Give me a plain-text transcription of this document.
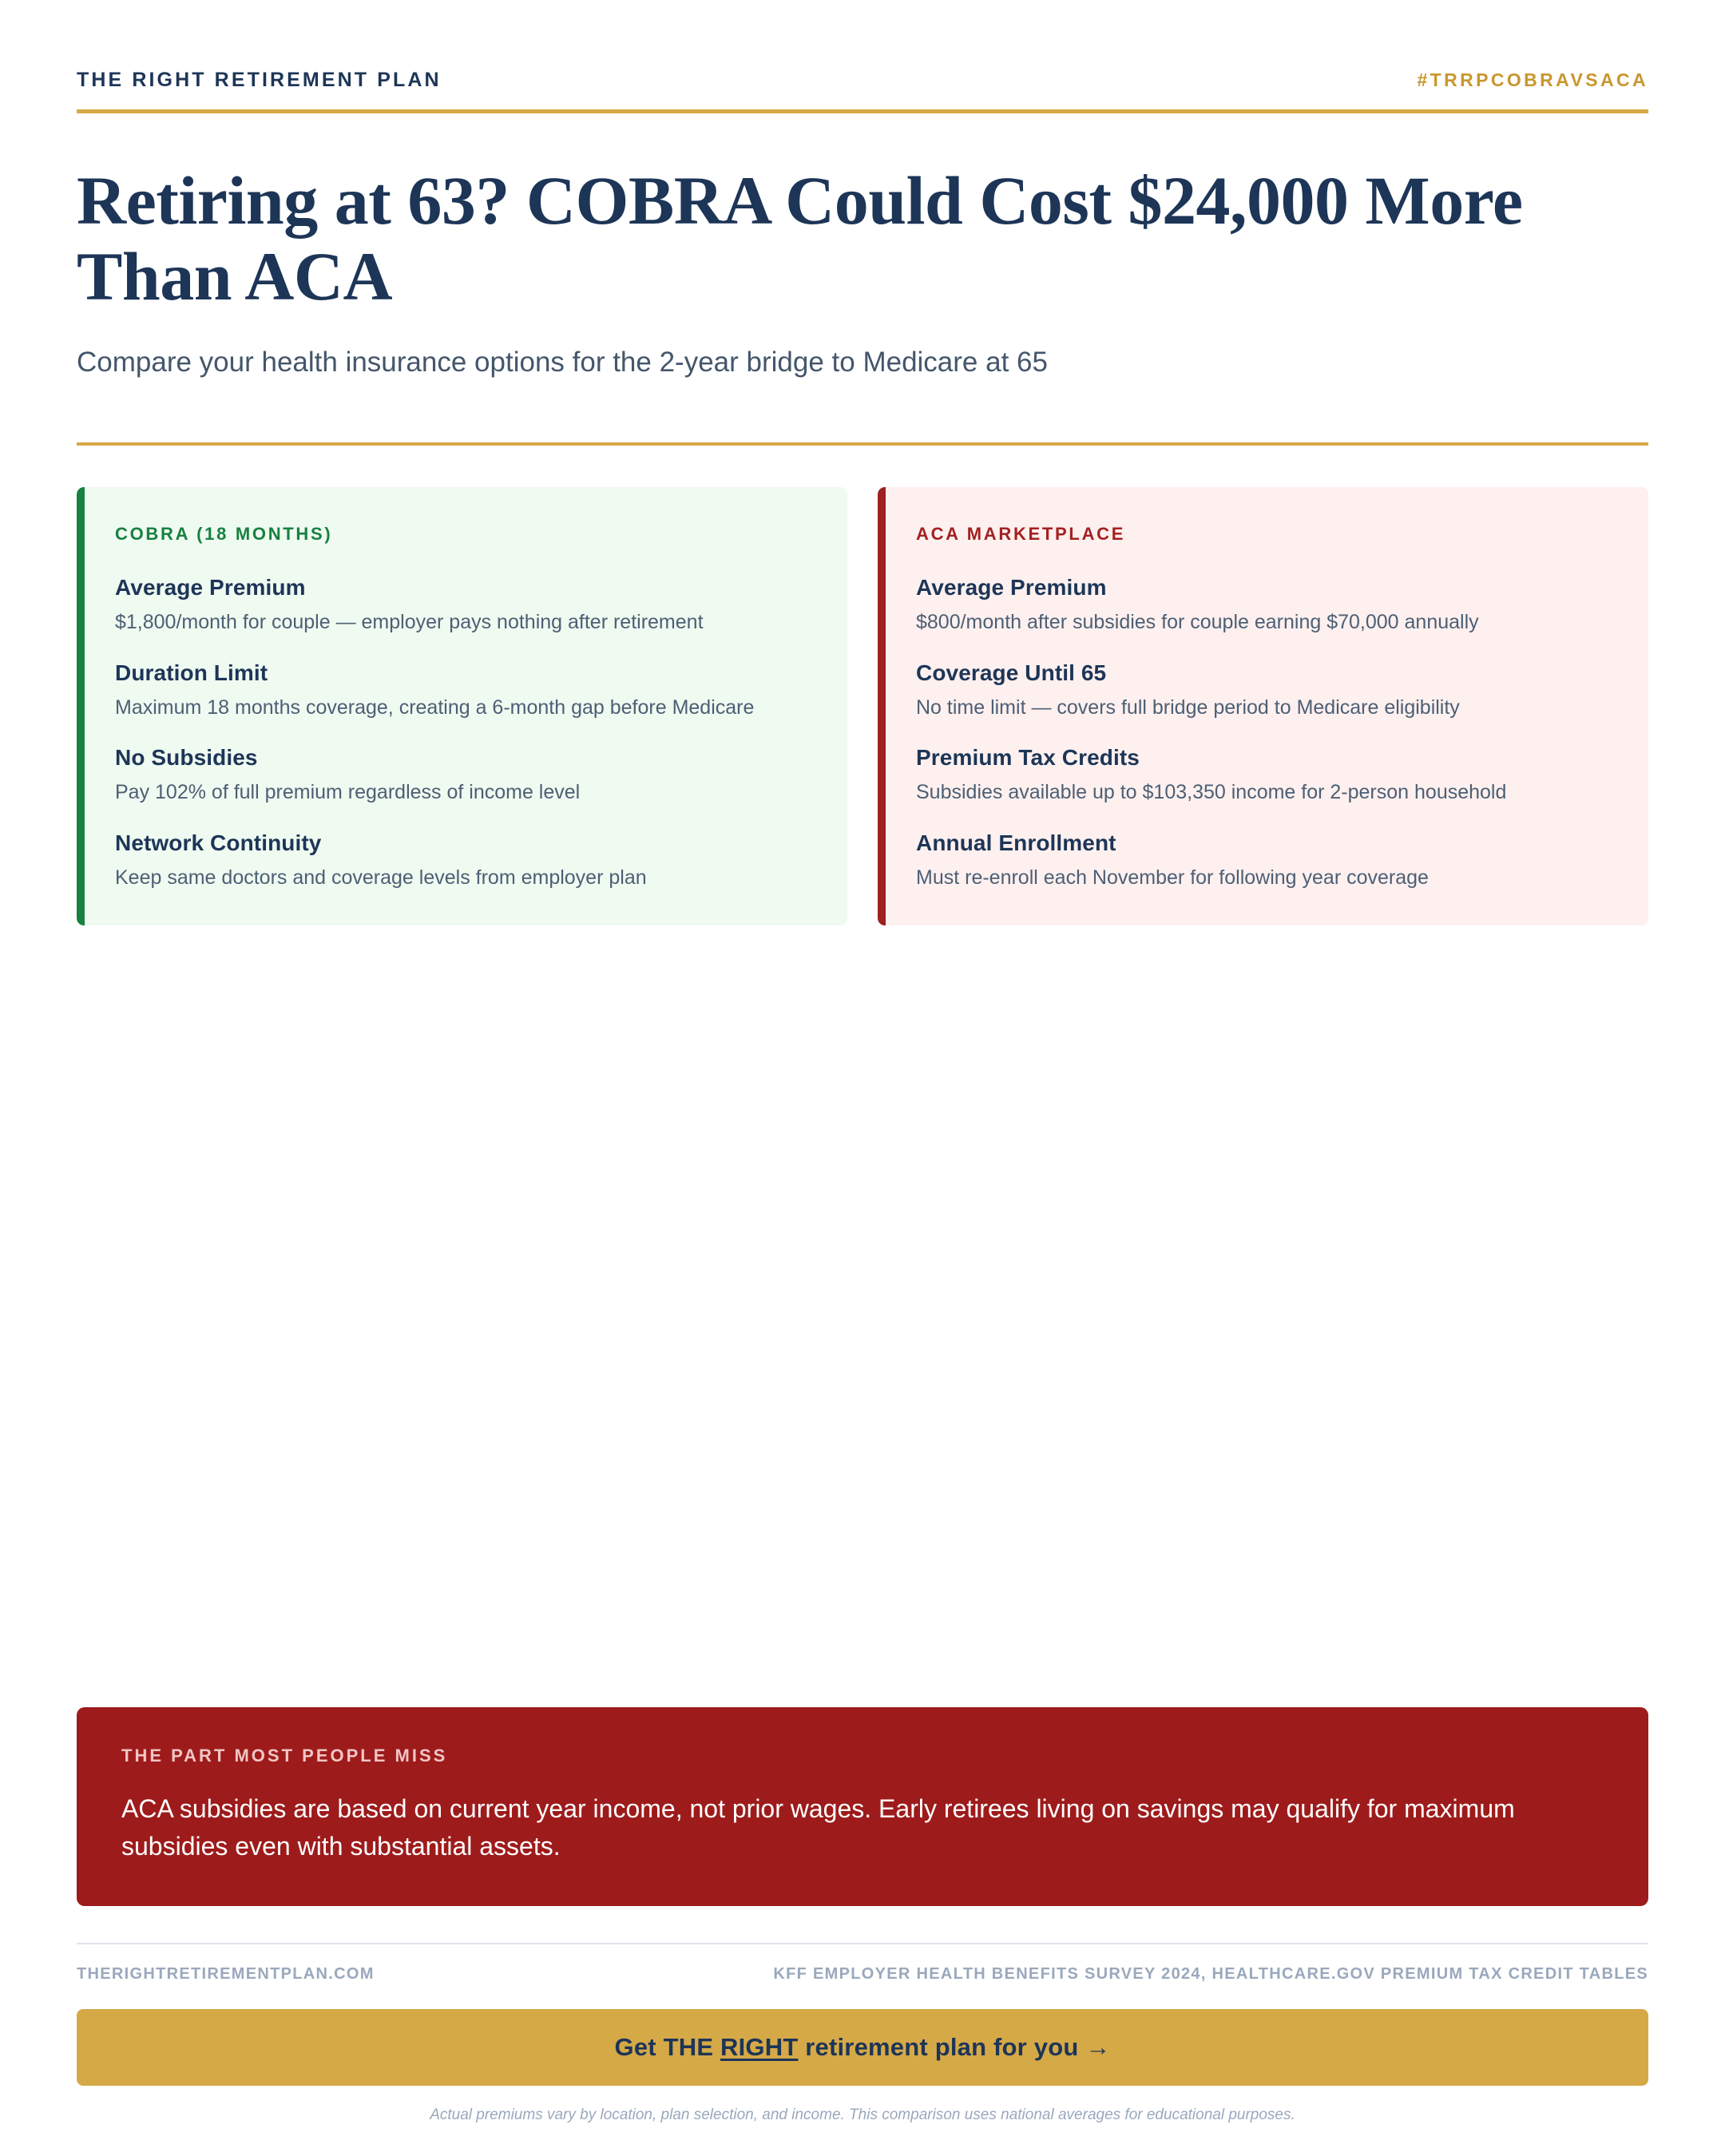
THE RIGHT RETIREMENT PLAN	#TRRPCOBRAVSACA
Retiring at 63? COBRA Could Cost $24,000 More Than ACA

Compare your health insurance options for the 2-year bridge to Medicare at 65

COBRA (18 MONTHS)
Average Premium
$1,800/month for couple — employer pays nothing after retirement
Duration Limit
Maximum 18 months coverage, creating a 6-month gap before Medicare
No Subsidies
Pay 102% of full premium regardless of income level
Network Continuity
Keep same doctors and coverage levels from employer plan
ACA MARKETPLACE
Average Premium
$800/month after subsidies for couple earning $70,000 annually
Coverage Until 65
No time limit — covers full bridge period to Medicare eligibility
Premium Tax Credits
Subsidies available up to $103,350 income for 2-person household
Annual Enrollment
Must re-enroll each November for following year coverage
THE PART MOST PEOPLE MISS
ACA subsidies are based on current year income, not prior wages. Early retirees living on savings may qualify for maximum subsidies even with substantial assets.
THERIGHTRETIREMENTPLAN.COM	KFF EMPLOYER HEALTH BENEFITS SURVEY 2024, HEALTHCARE.GOV PREMIUM TAX CREDIT TABLES
Get THE RIGHT retirement plan for you →
Actual premiums vary by location, plan selection, and income. This comparison uses national averages for educational purposes.
